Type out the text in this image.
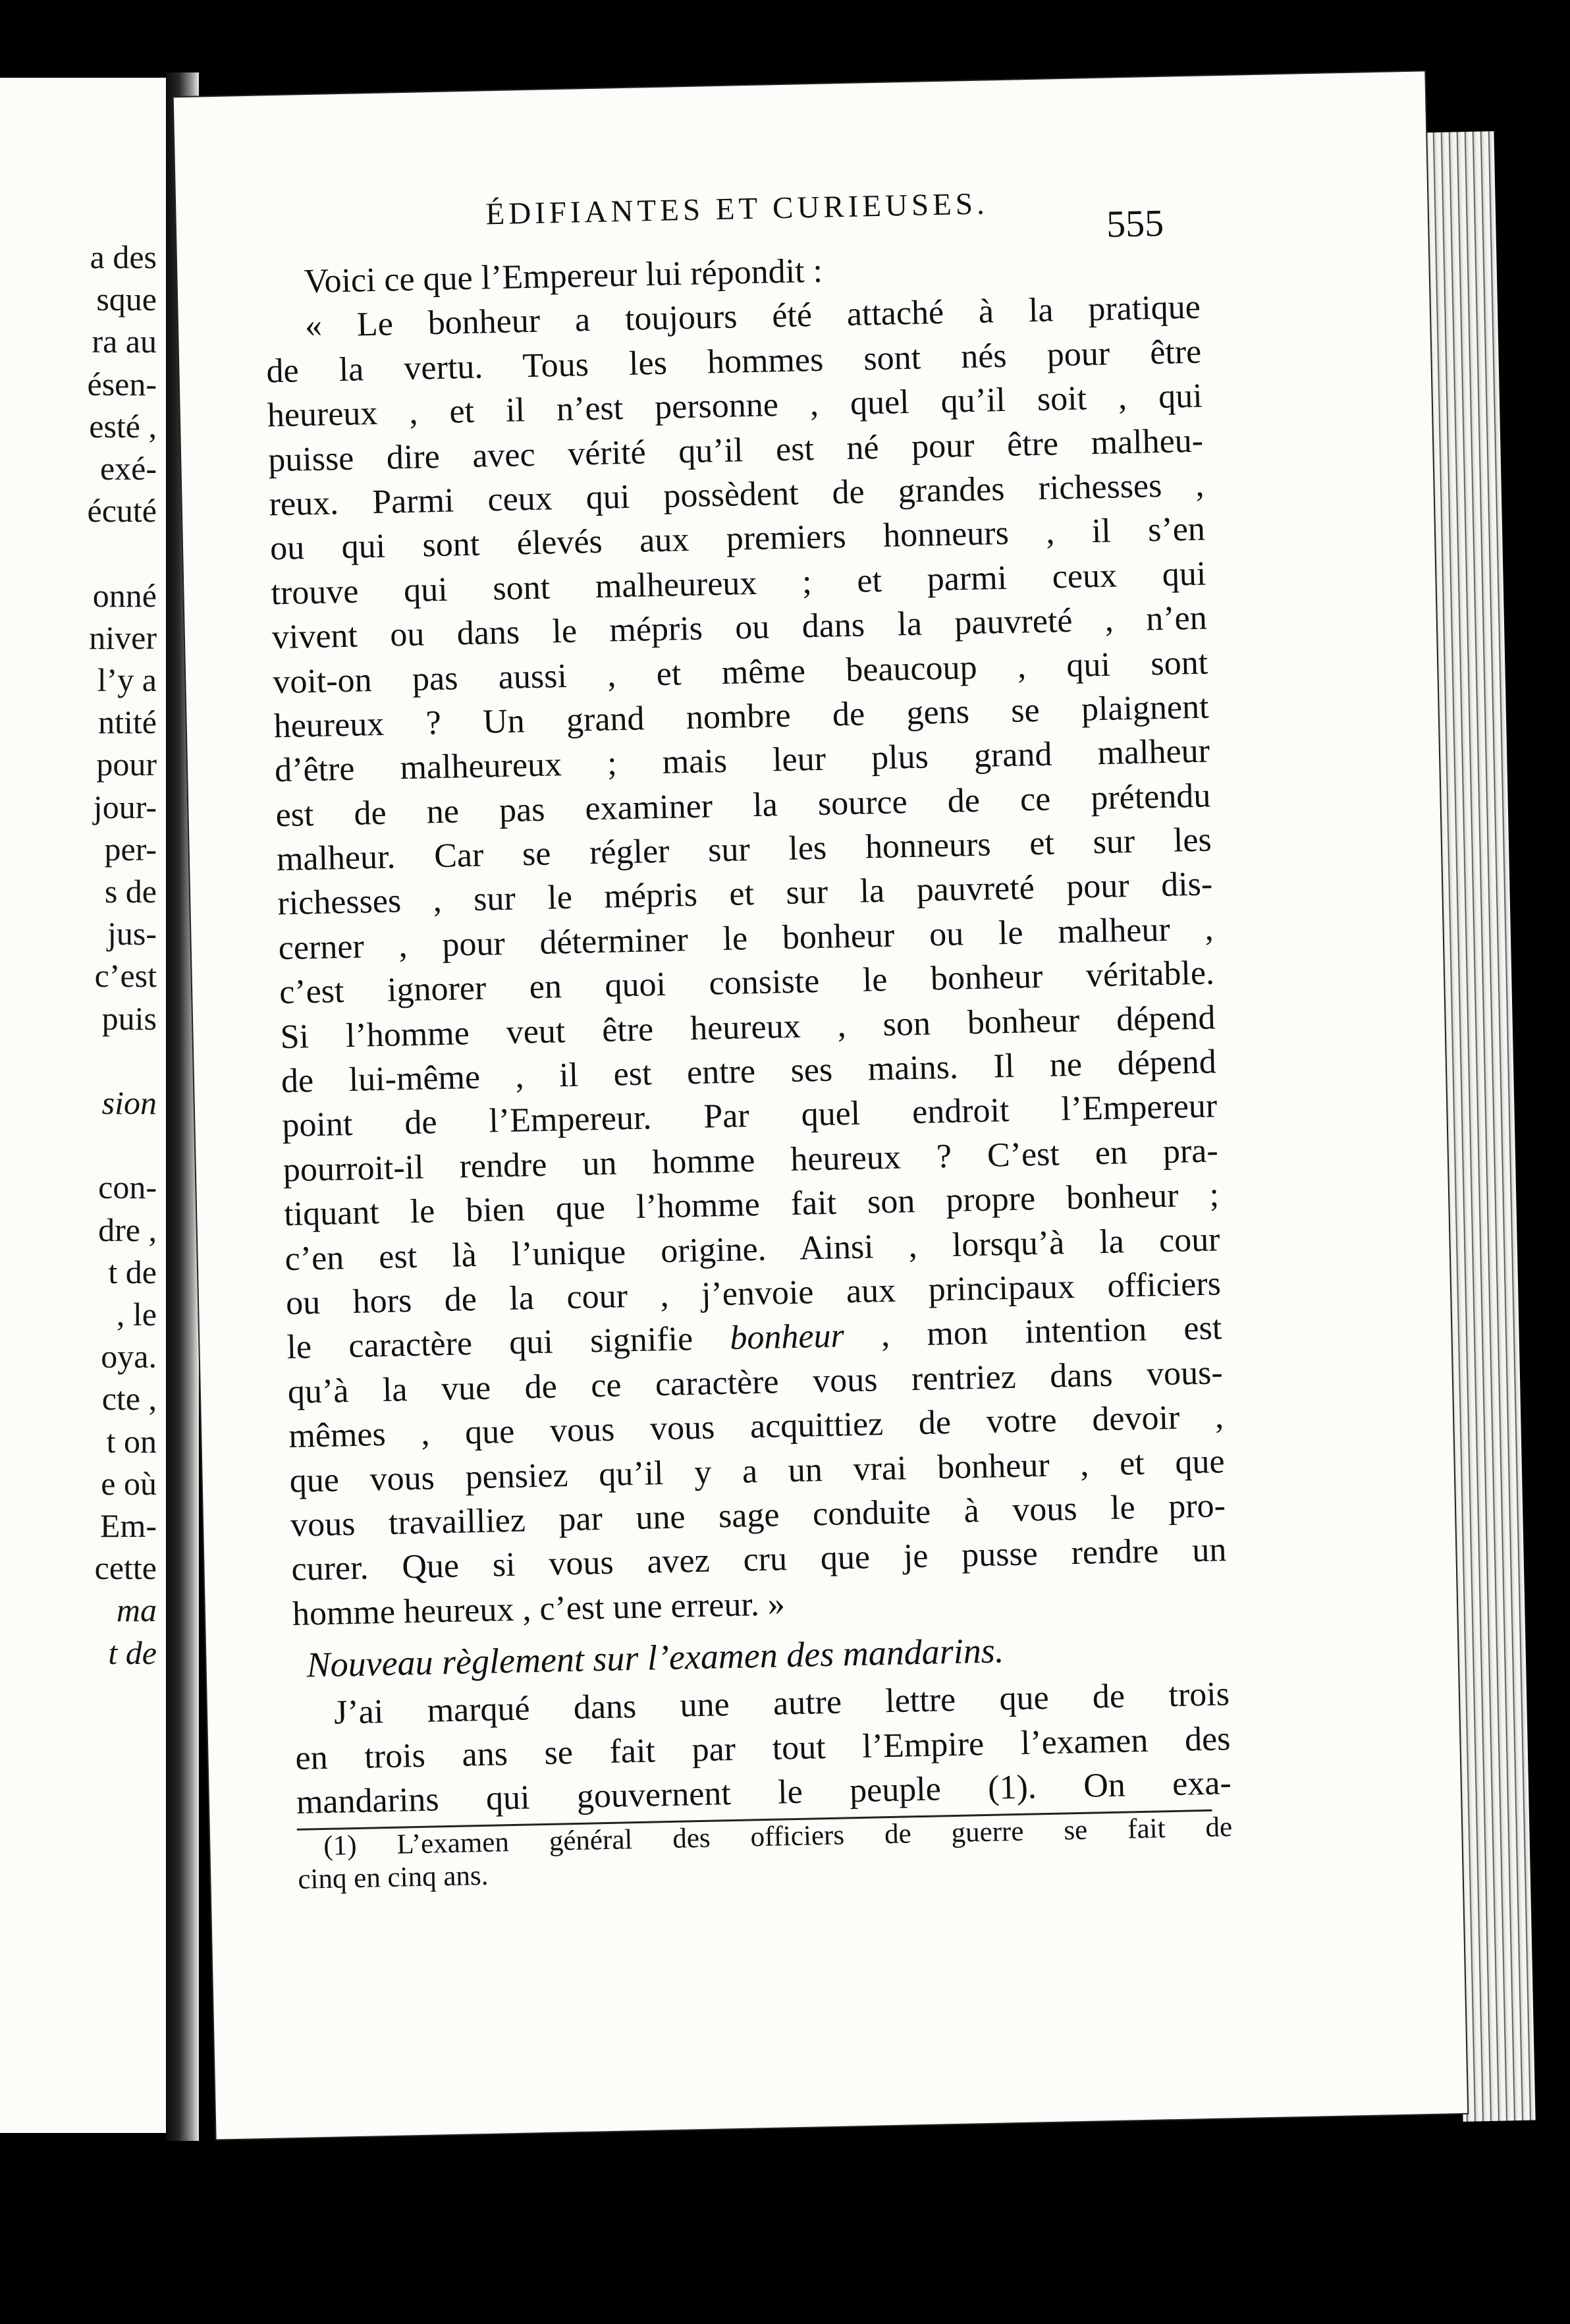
a des
sque
ra au
ésen-
esté ,
exé-
écuté
onné
niver
l’y a
ntité
pour
jour-
per-
s de
jus-
c’est
puis
sion
con-
dre ,
t de
, le
oya.
cte ,
t on
e où
Em-
cette
ma
t de
ÉDIFIANTES ET CURIEUSES.	555
Voici ce que l’Empereur lui répondit :
« Le bonheur a toujours été attaché à la pratique
de la vertu. Tous les hommes sont nés pour être
heureux , et il n’est personne , quel qu’il soit , qui
puisse dire avec vérité qu’il est né pour être malheu-
reux. Parmi ceux qui possèdent de grandes richesses ,
ou qui sont élevés aux premiers honneurs , il s’en
trouve qui sont malheureux ; et parmi ceux qui
vivent ou dans le mépris ou dans la pauvreté , n’en
voit-on pas aussi , et même beaucoup , qui sont
heureux ? Un grand nombre de gens se plaignent
d’être malheureux ; mais leur plus grand malheur
est de ne pas examiner la source de ce prétendu
malheur. Car se régler sur les honneurs et sur les
richesses , sur le mépris et sur la pauvreté pour dis-
cerner , pour déterminer le bonheur ou le malheur ,
c’est ignorer en quoi consiste le bonheur véritable.
Si l’homme veut être heureux , son bonheur dépend
de lui-même , il est entre ses mains. Il ne dépend
point de l’Empereur. Par quel endroit l’Empereur
pourroit-il rendre un homme heureux ? C’est en pra-
tiquant le bien que l’homme fait son propre bonheur ;
c’en est là l’unique origine. Ainsi , lorsqu’à la cour
ou hors de la cour , j’envoie aux principaux officiers
le caractère qui signifie bonheur , mon intention est
qu’à la vue de ce caractère vous rentriez dans vous-
mêmes , que vous vous acquittiez de votre devoir ,
que vous pensiez qu’il y a un vrai bonheur , et que
vous travailliez par une sage conduite à vous le pro-
curer. Que si vous avez cru que je pusse rendre un
homme heureux , c’est une erreur. »
Nouveau règlement sur l’examen des mandarins.
J’ai marqué dans une autre lettre que de trois
en trois ans se fait par tout l’Empire l’examen des
mandarins qui gouvernent le peuple (1). On exa-
(1) L’examen général des officiers de guerre se fait de
cinq en cinq ans.
